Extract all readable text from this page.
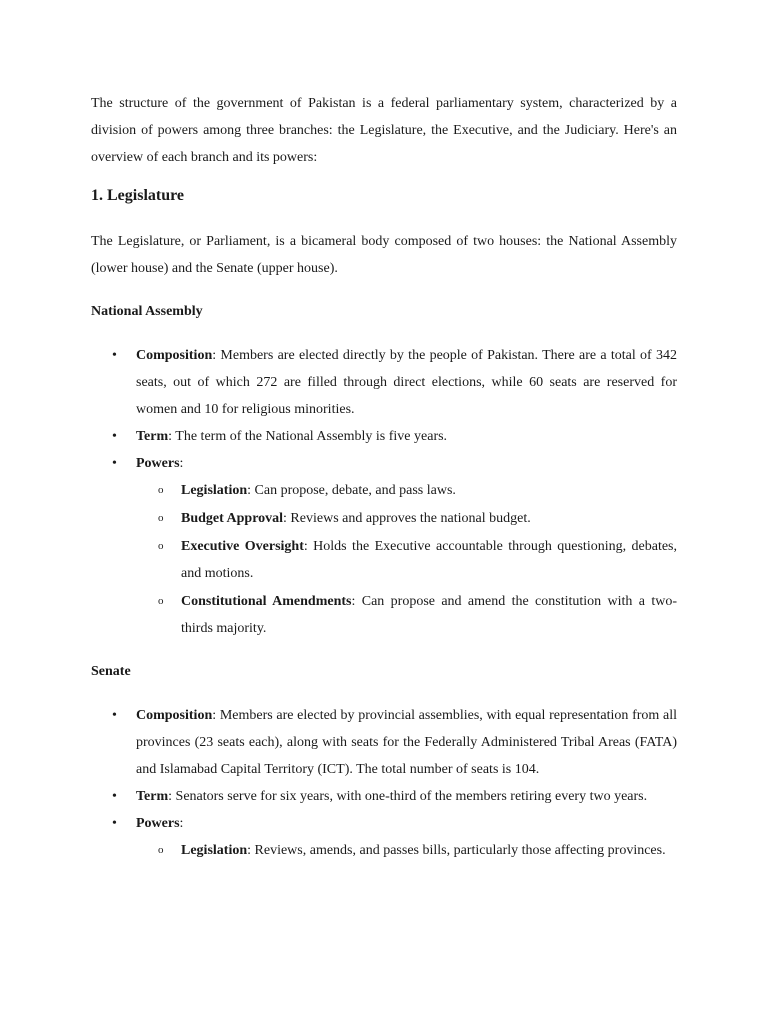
The structure of the government of Pakistan is a federal parliamentary system, characterized by a division of powers among three branches: the Legislature, the Executive, and the Judiciary. Here's an overview of each branch and its powers:

1. Legislature

The Legislature, or Parliament, is a bicameral body composed of two houses: the National Assembly (lower house) and the Senate (upper house).

National Assembly
• Composition: Members are elected directly by the people of Pakistan. There are a total of 342 seats, out of which 272 are filled through direct elections, while 60 seats are reserved for women and 10 for religious minorities.
• Term: The term of the National Assembly is five years.
• Powers:
o Legislation: Can propose, debate, and pass laws.
o Budget Approval: Reviews and approves the national budget.
o Executive Oversight: Holds the Executive accountable through questioning, debates, and motions.
o Constitutional Amendments: Can propose and amend the constitution with a two-thirds majority.
Senate
• Composition: Members are elected by provincial assemblies, with equal representation from all provinces (23 seats each), along with seats for the Federally Administered Tribal Areas (FATA) and Islamabad Capital Territory (ICT). The total number of seats is 104.
• Term: Senators serve for six years, with one-third of the members retiring every two years.
• Powers:
o Legislation: Reviews, amends, and passes bills, particularly those affecting provinces.
